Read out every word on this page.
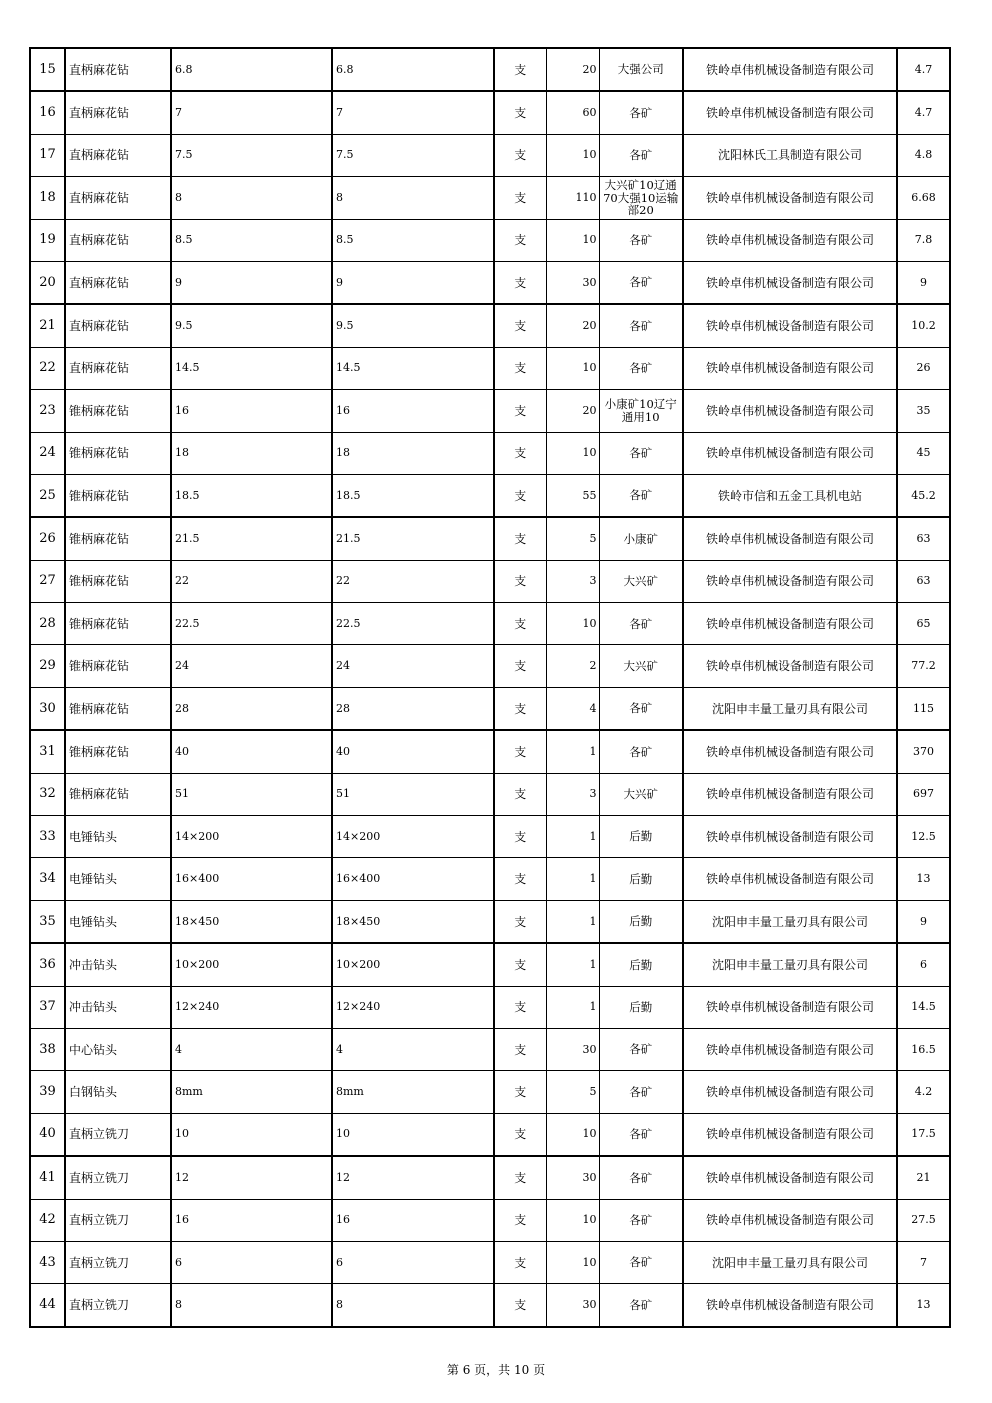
15	直柄麻花钻	6.8	6.8	支	20	大强公司	铁岭卓伟机械设备制造有限公司	4.7
16	直柄麻花钻	7	7	支	60	各矿	铁岭卓伟机械设备制造有限公司	4.7
17	直柄麻花钻	7.5	7.5	支	10	各矿	沈阳林氏工具制造有限公司	4.8
18	直柄麻花钻	8	8	支	110	大兴矿10辽通70大强10运输部20	铁岭卓伟机械设备制造有限公司	6.68
19	直柄麻花钻	8.5	8.5	支	10	各矿	铁岭卓伟机械设备制造有限公司	7.8
20	直柄麻花钻	9	9	支	30	各矿	铁岭卓伟机械设备制造有限公司	9
21	直柄麻花钻	9.5	9.5	支	20	各矿	铁岭卓伟机械设备制造有限公司	10.2
22	直柄麻花钻	14.5	14.5	支	10	各矿	铁岭卓伟机械设备制造有限公司	26
23	锥柄麻花钻	16	16	支	20	小康矿10辽宁通用10	铁岭卓伟机械设备制造有限公司	35
24	锥柄麻花钻	18	18	支	10	各矿	铁岭卓伟机械设备制造有限公司	45
25	锥柄麻花钻	18.5	18.5	支	55	各矿	铁岭市信和五金工具机电站	45.2
26	锥柄麻花钻	21.5	21.5	支	5	小康矿	铁岭卓伟机械设备制造有限公司	63
27	锥柄麻花钻	22	22	支	3	大兴矿	铁岭卓伟机械设备制造有限公司	63
28	锥柄麻花钻	22.5	22.5	支	10	各矿	铁岭卓伟机械设备制造有限公司	65
29	锥柄麻花钻	24	24	支	2	大兴矿	铁岭卓伟机械设备制造有限公司	77.2
30	锥柄麻花钻	28	28	支	4	各矿	沈阳申丰量工量刃具有限公司	115
31	锥柄麻花钻	40	40	支	1	各矿	铁岭卓伟机械设备制造有限公司	370
32	锥柄麻花钻	51	51	支	3	大兴矿	铁岭卓伟机械设备制造有限公司	697
33	电锤钻头	14×200	14×200	支	1	后勤	铁岭卓伟机械设备制造有限公司	12.5
34	电锤钻头	16×400	16×400	支	1	后勤	铁岭卓伟机械设备制造有限公司	13
35	电锤钻头	18×450	18×450	支	1	后勤	沈阳申丰量工量刃具有限公司	9
36	冲击钻头	10×200	10×200	支	1	后勤	沈阳申丰量工量刃具有限公司	6
37	冲击钻头	12×240	12×240	支	1	后勤	铁岭卓伟机械设备制造有限公司	14.5
38	中心钻头	4	4	支	30	各矿	铁岭卓伟机械设备制造有限公司	16.5
39	白钢钻头	8mm	8mm	支	5	各矿	铁岭卓伟机械设备制造有限公司	4.2
40	直柄立铣刀	10	10	支	10	各矿	铁岭卓伟机械设备制造有限公司	17.5
41	直柄立铣刀	12	12	支	30	各矿	铁岭卓伟机械设备制造有限公司	21
42	直柄立铣刀	16	16	支	10	各矿	铁岭卓伟机械设备制造有限公司	27.5
43	直柄立铣刀	6	6	支	10	各矿	沈阳申丰量工量刃具有限公司	7
44	直柄立铣刀	8	8	支	30	各矿	铁岭卓伟机械设备制造有限公司	13
第 6 页，共 10 页
